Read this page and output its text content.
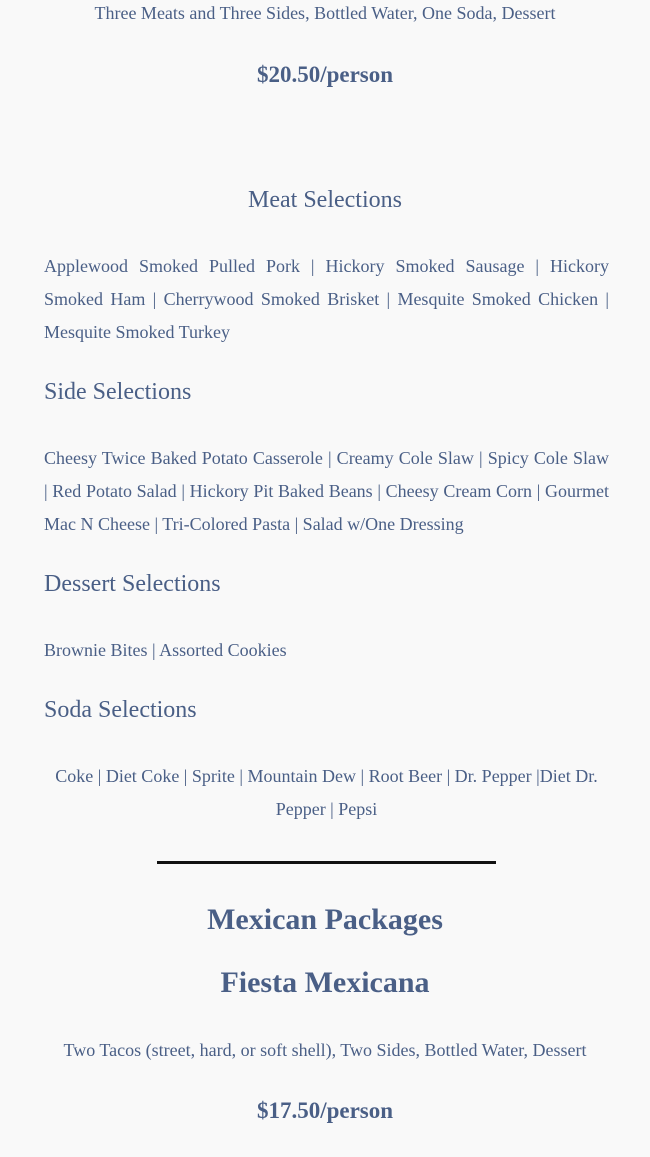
Three Meats and Three Sides, Bottled Water, One Soda, Dessert
$20.50/person
Meat Selections
Applewood Smoked Pulled Pork | Hickory Smoked Sausage | Hickory Smoked Ham | Cherrywood Smoked Brisket | Mesquite Smoked Chicken | Mesquite Smoked Turkey
Side Selections
Cheesy Twice Baked Potato Casserole | Creamy Cole Slaw | Spicy Cole Slaw | Red Potato Salad | Hickory Pit Baked Beans | Cheesy Cream Corn | Gourmet Mac N Cheese | Tri-Colored Pasta | Salad w/One Dressing
Dessert Selections
Brownie Bites | Assorted Cookies
Soda Selections
Coke | Diet Coke | Sprite | Mountain Dew | Root Beer | Dr. Pepper |Diet Dr. Pepper | Pepsi
Mexican Packages
Fiesta Mexicana
Two Tacos (street, hard, or soft shell), Two Sides, Bottled Water, Dessert
$17.50/person
